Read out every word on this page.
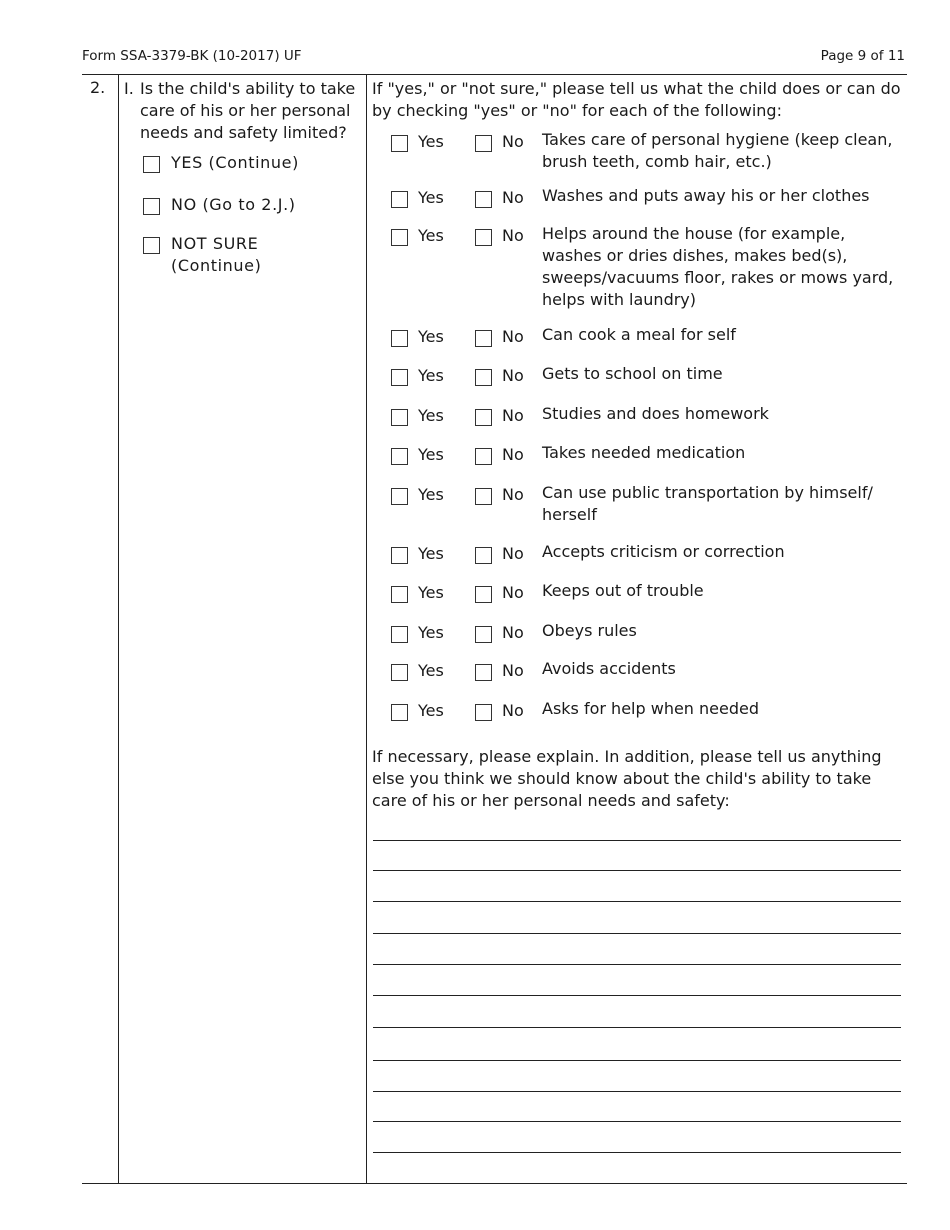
Form SSA-3379-BK (10-2017) UF	Page 9 of 11
2. I. Is the child's ability to take care of his or her personal needs and safety limited?
YES (Continue)
NO (Go to 2.J.)
NOT SURE (Continue)
If "yes," or "not sure," please tell us what the child does or can do by checking "yes" or "no" for each of the following:
Yes	No Takes care of personal hygiene (keep clean, brush teeth, comb hair, etc.)
Yes	No Washes and puts away his or her clothes
Yes	No Helps around the house (for example, washes or dries dishes, makes bed(s), sweeps/vacuums floor, rakes or mows yard, helps with laundry)
Yes	No Can cook a meal for self
Yes	No Gets to school on time
Yes	No Studies and does homework
Yes	No Takes needed medication
Yes	No Can use public transportation by himself/ herself
Yes	No Accepts criticism or correction
Yes	No Keeps out of trouble
Yes	No Obeys rules
Yes	No Avoids accidents
Yes	No Asks for help when needed
If necessary, please explain. In addition, please tell us anything else you think we should know about the child's ability to take care of his or her personal needs and safety:
